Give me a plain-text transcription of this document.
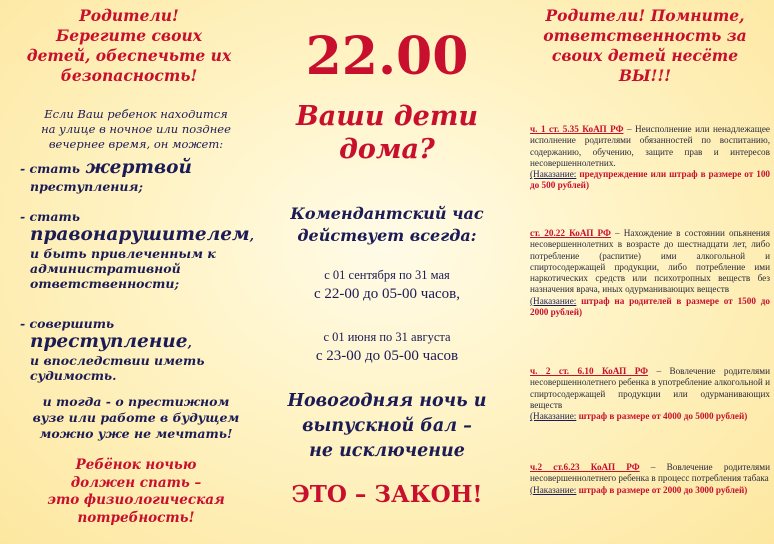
Родители!
Берегите своих
детей, обеспечьте их
безопасность!
Если Ваш ребенок находится
на улице в ночное или позднее
вечернее время, он может:
- стать жертвой
преступления;
- стать
правонарушителем,
и быть привлеченным к
административной
ответственности;
- совершить
преступление,
и впоследствии иметь
судимость.
и тогда - о престижном
вузе или работе в будущем
можно уже не мечтать!
Ребёнок ночью
должен спать –
это физиологическая
потребность!
22.00
Ваши дети
дома?
Комендантский час
действует всегда:
с 01 сентября по 31 мая
с 22-00 до 05-00 часов,
с 01 июня по 31 августа
с 23-00 до 05-00 часов
Новогодняя ночь и
выпускной бал –
не исключение
ЭТО – ЗАКОН!
Родители! Помните,
ответственность за
своих детей несёте
ВЫ!!!
ч. 1 ст. 5.35 КоАП РФ – Неисполнение или ненадлежащее исполнение родителями обязанностей по воспитанию, содержанию, обучению, защите прав и интересов несовершеннолетних.
(Наказание: предупреждение или штраф в размере от 100 до 500 рублей)
ст. 20.22 КоАП РФ – Нахождение в состоянии опьянения несовершеннолетних в возрасте до шестнадцати лет, либо потребление (распитие) ими алкогольной и спиртосодержащей продукции, либо потребление ими наркотических средств или психотропных веществ без назначения врача, иных одурманивающих веществ
(Наказание: штраф на родителей в размере от 1500 до 2000 рублей)
ч. 2 ст. 6.10 КоАП РФ – Вовлечение родителями несовершеннолетнего ребенка в употребление алкогольной и спиртосодержащей продукции или одурманивающих веществ
(Наказание: штраф в размере от 4000 до 5000 рублей)
ч.2 ст.6.23 КоАП РФ – Вовлечение родителями несовершеннолетнего ребенка в процесс потребления табака
(Наказание: штраф в размере от 2000 до 3000 рублей)
